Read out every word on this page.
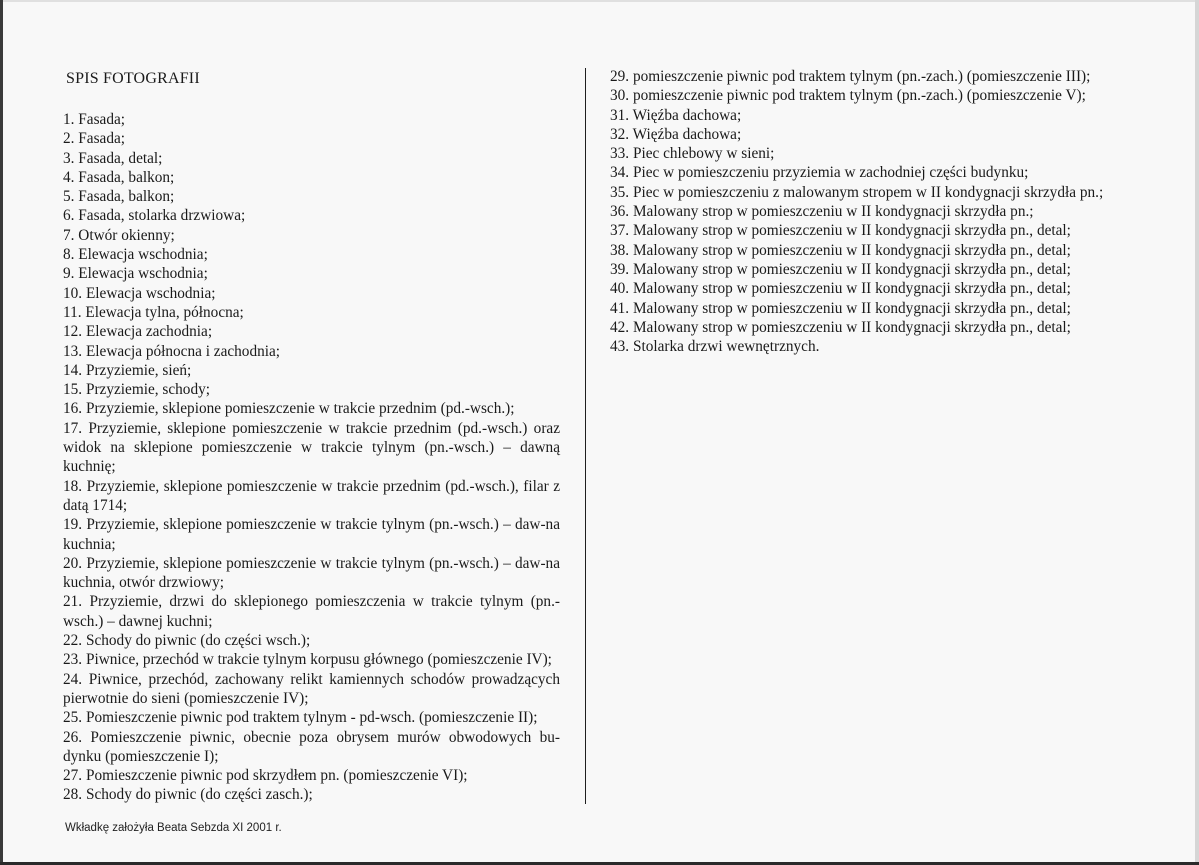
SPIS FOTOGRAFII
1. Fasada;
2. Fasada;
3. Fasada, detal;
4. Fasada, balkon;
5. Fasada, balkon;
6. Fasada, stolarka drzwiowa;
7. Otwór okienny;
8. Elewacja wschodnia;
9. Elewacja wschodnia;
10. Elewacja wschodnia;
11. Elewacja tylna, północna;
12. Elewacja zachodnia;
13. Elewacja północna i zachodnia;
14. Przyziemie, sień;
15. Przyziemie, schody;
16. Przyziemie, sklepione pomieszczenie w trakcie przednim (pd.-wsch.);
17. Przyziemie, sklepione pomieszczenie w trakcie przednim (pd.-wsch.) oraz widok na sklepione pomieszczenie w trakcie tylnym (pn.-wsch.) – dawną kuchnię;
18. Przyziemie, sklepione pomieszczenie w trakcie przednim (pd.-wsch.), filar z datą 1714;
19. Przyziemie, sklepione pomieszczenie w trakcie tylnym (pn.-wsch.) – daw-na kuchnia;
20. Przyziemie, sklepione pomieszczenie w trakcie tylnym (pn.-wsch.) – daw-na kuchnia, otwór drzwiowy;
21. Przyziemie, drzwi do sklepionego pomieszczenia w trakcie tylnym (pn.-wsch.) – dawnej kuchni;
22. Schody do piwnic (do części wsch.);
23. Piwnice, przechód w trakcie tylnym korpusu głównego (pomieszczenie IV);
24. Piwnice, przechód, zachowany relikt kamiennych schodów prowadzących pierwotnie do sieni (pomieszczenie IV);
25. Pomieszczenie piwnic pod traktem tylnym - pd-wsch. (pomieszczenie II);
26. Pomieszczenie piwnic, obecnie poza obrysem murów obwodowych bu-dynku (pomieszczenie I);
27. Pomieszczenie piwnic pod skrzydłem pn. (pomieszczenie VI);
28. Schody do piwnic (do części zasch.);
29. pomieszczenie piwnic pod traktem tylnym (pn.-zach.) (pomieszczenie III);
30. pomieszczenie piwnic pod traktem tylnym (pn.-zach.) (pomieszczenie V);
31. Więźba dachowa;
32. Więźba dachowa;
33. Piec chlebowy w sieni;
34. Piec w pomieszczeniu przyziemia w zachodniej części budynku;
35. Piec w pomieszczeniu z malowanym stropem w II kondygnacji skrzydła pn.;
36. Malowany strop w pomieszczeniu w II kondygnacji skrzydła pn.;
37. Malowany strop w pomieszczeniu w II kondygnacji skrzydła pn., detal;
38. Malowany strop w pomieszczeniu w II kondygnacji skrzydła pn., detal;
39. Malowany strop w pomieszczeniu w II kondygnacji skrzydła pn., detal;
40. Malowany strop w pomieszczeniu w II kondygnacji skrzydła pn., detal;
41. Malowany strop w pomieszczeniu w II kondygnacji skrzydła pn., detal;
42. Malowany strop w pomieszczeniu w II kondygnacji skrzydła pn., detal;
43. Stolarka drzwi wewnętrznych.
Wkładkę założyła Beata Sebzda XI 2001 r.
